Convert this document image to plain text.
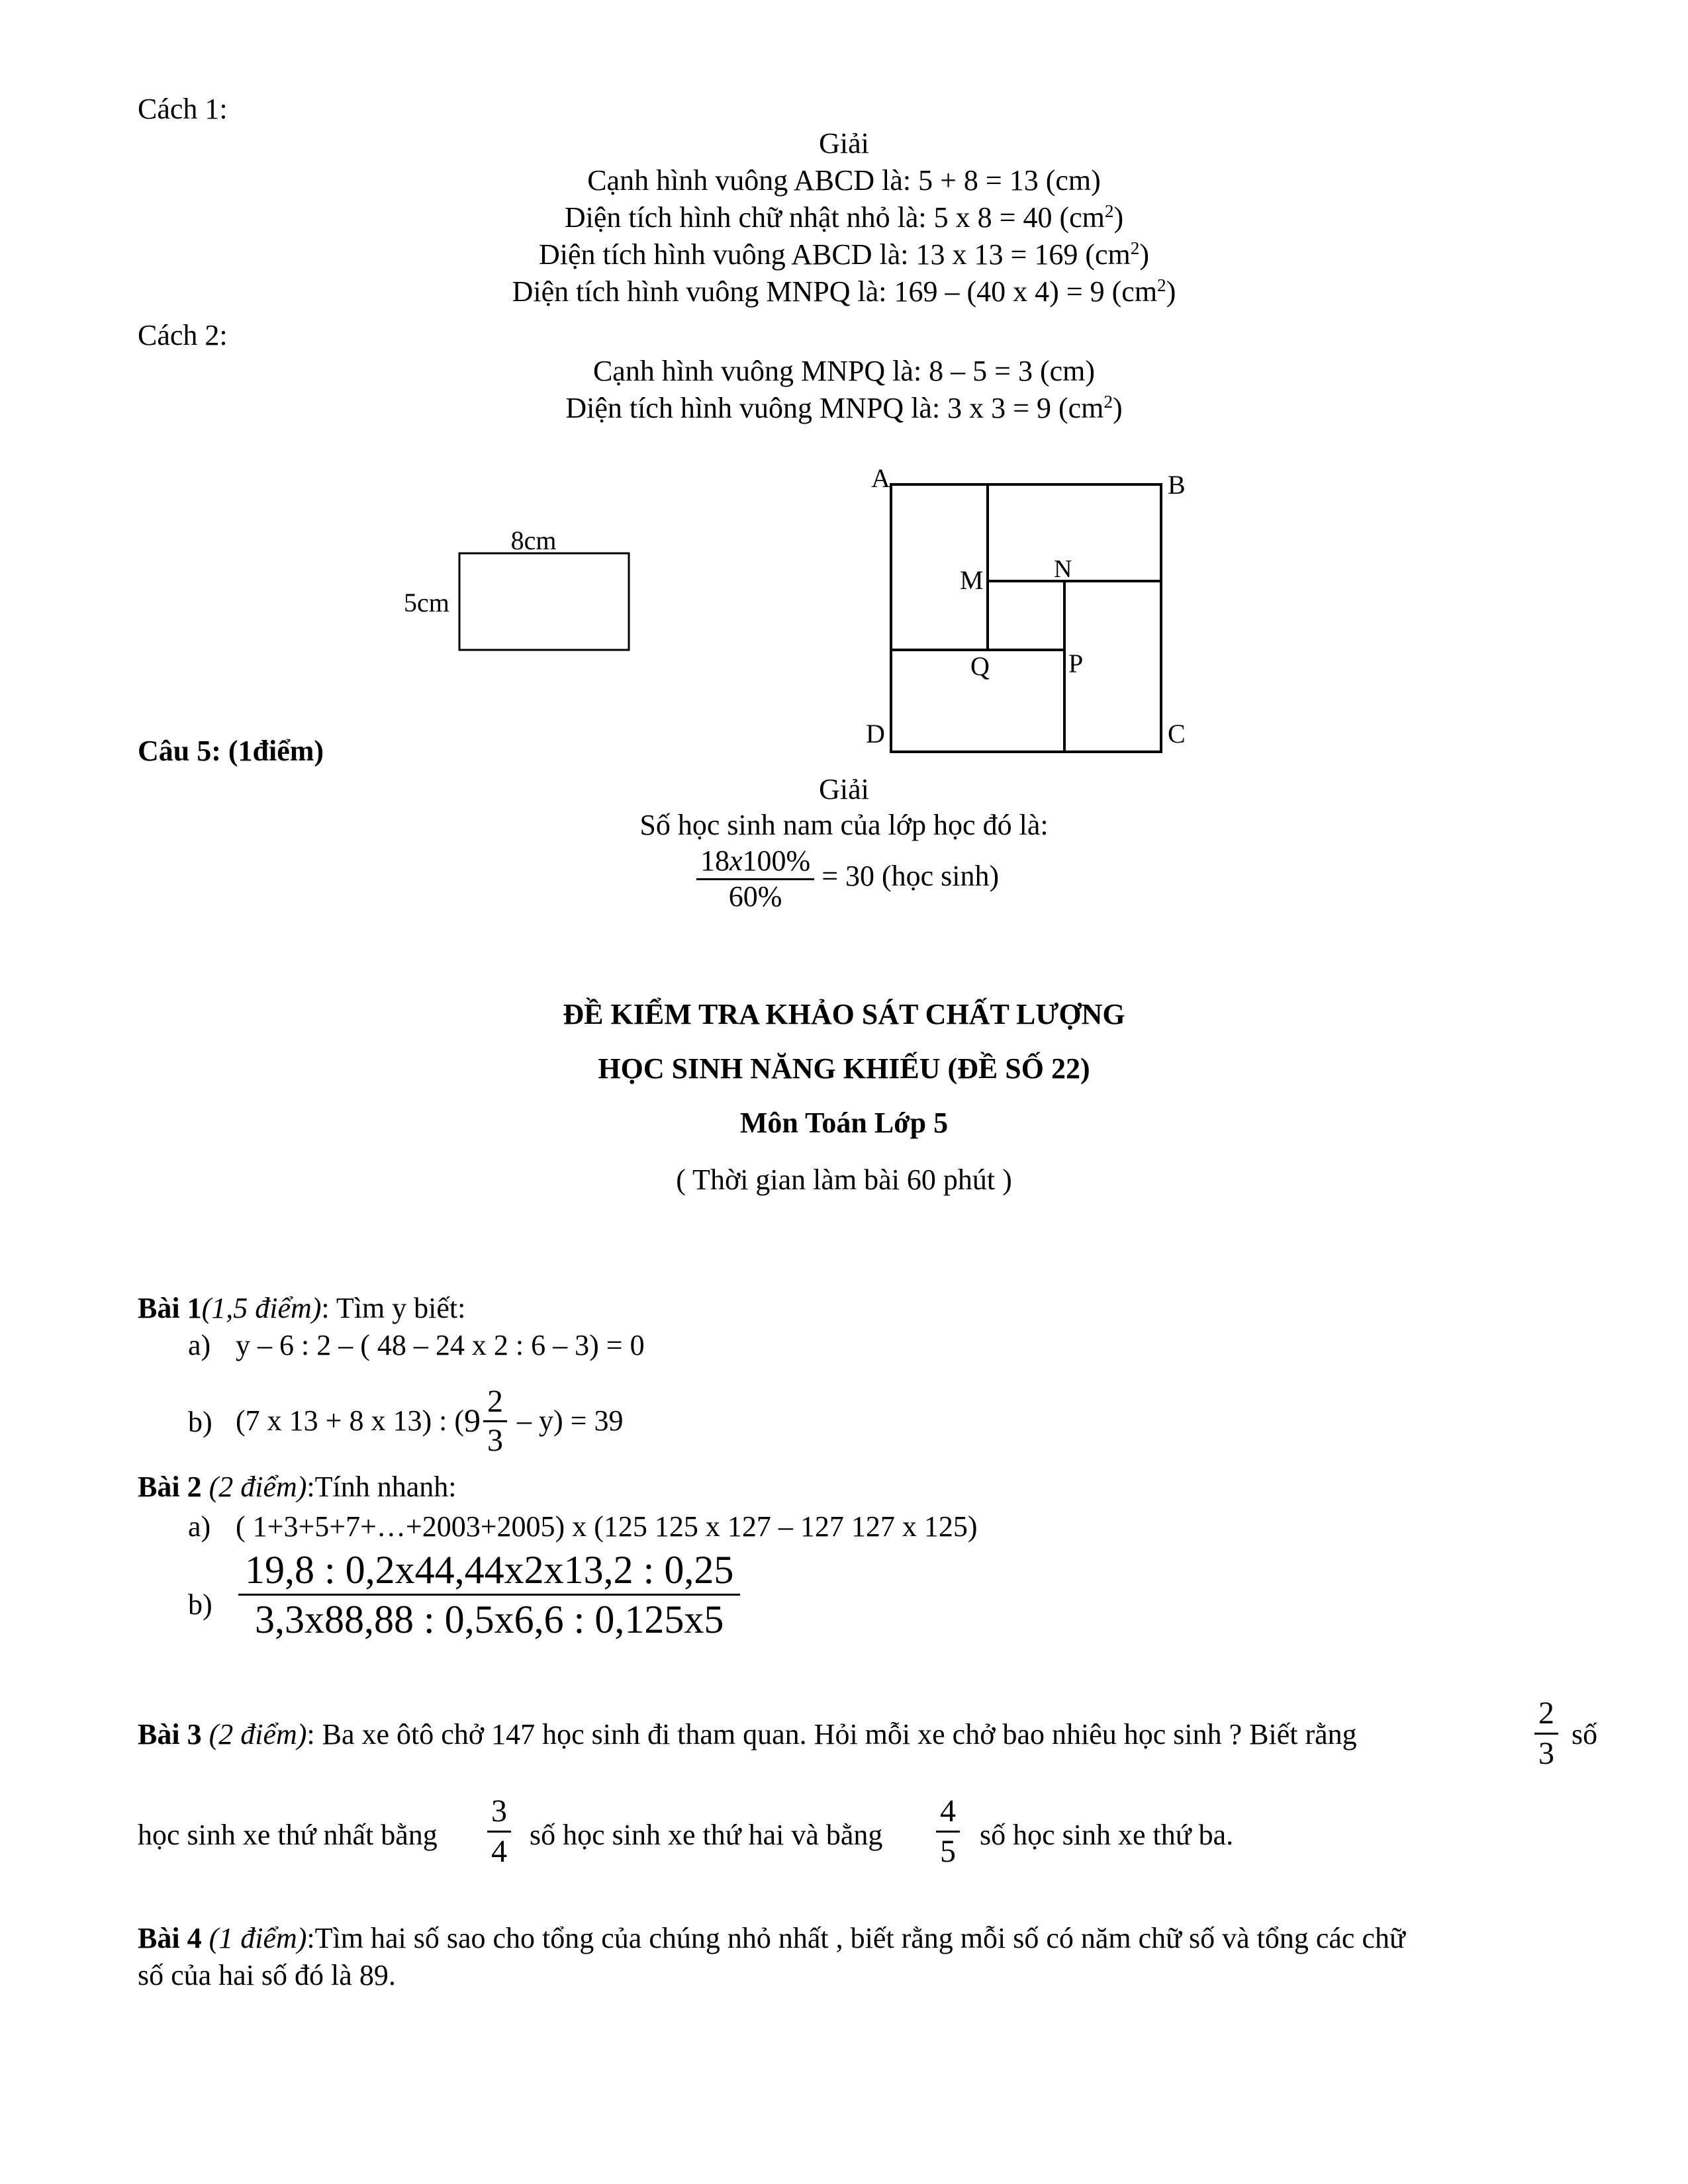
Cách 1:
Giải
Cạnh hình vuông ABCD là: 5 + 8 = 13 (cm)
Diện tích hình chữ nhật nhỏ là: 5 x 8 = 40 $(cm^2)$
Diện tích hình vuông ABCD là: 13 x 13 = 169 $(cm^2)$
Diện tích hình vuông MNPQ là: 169 – (40 x 4) = 9 $(cm^2)$
Cách 2:
Cạnh hình vuông MNPQ là: 8 – 5 = 3 (cm)
Diện tích hình vuông MNPQ là: 3 x 3 = 9 $(cm^2)$
8cm
5cm
A	B
C
D
M	N
P
Q
Câu 5: (1điểm)
Giải
Số học sinh nam của lớp học đó là:
$\frac{18x100\%}{60\%} = 30$ (học sinh)
ĐỀ KIỂM TRA KHẢO SÁT CHẤT LƯỢNG
HỌC SINH NĂNG KHIẾU (ĐỀ SỐ 22)
Môn Toán Lớp 5
( Thời gian làm bài 60 phút )
Bài 1(1,5 điểm): Tìm y biết:
a) y – 6 : 2 – ( 48 – 24 x 2 : 6 – 3) = 0
b) (7 x 13 + 8 x 13) : ( $9 \frac{2}{3} - y) = 39$
Bài 2 (2 điểm):Tính nhanh:
a) ( 1+3+5+7+…+2003+2005) x (125 125 x 127 – 127 127 x 125)
$b) \frac{19,8 : 0,2x44,44x2x13,2 : 0,25}{3,3x88,88 : 0,5x6,6 : 0,125x5}$
Bài 3 (2 điểm): Ba xe ôtô chở 147 học sinh đi tham quan. Hỏi mỗi xe chở bao nhiêu học sinh ? Biết rằng	$\frac{2}{3}$ số
học sinh xe thứ nhất bằng $\frac{3}{4}$ số học sinh xe thứ hai và bằng $\frac{4}{5}$ số học sinh xe thứ ba.
Bài 4 (1 điểm):Tìm hai số sao cho tổng của chúng nhỏ nhất , biết rằng mỗi số có năm chữ số và tổng các chữ
số của hai số đó là 89.
